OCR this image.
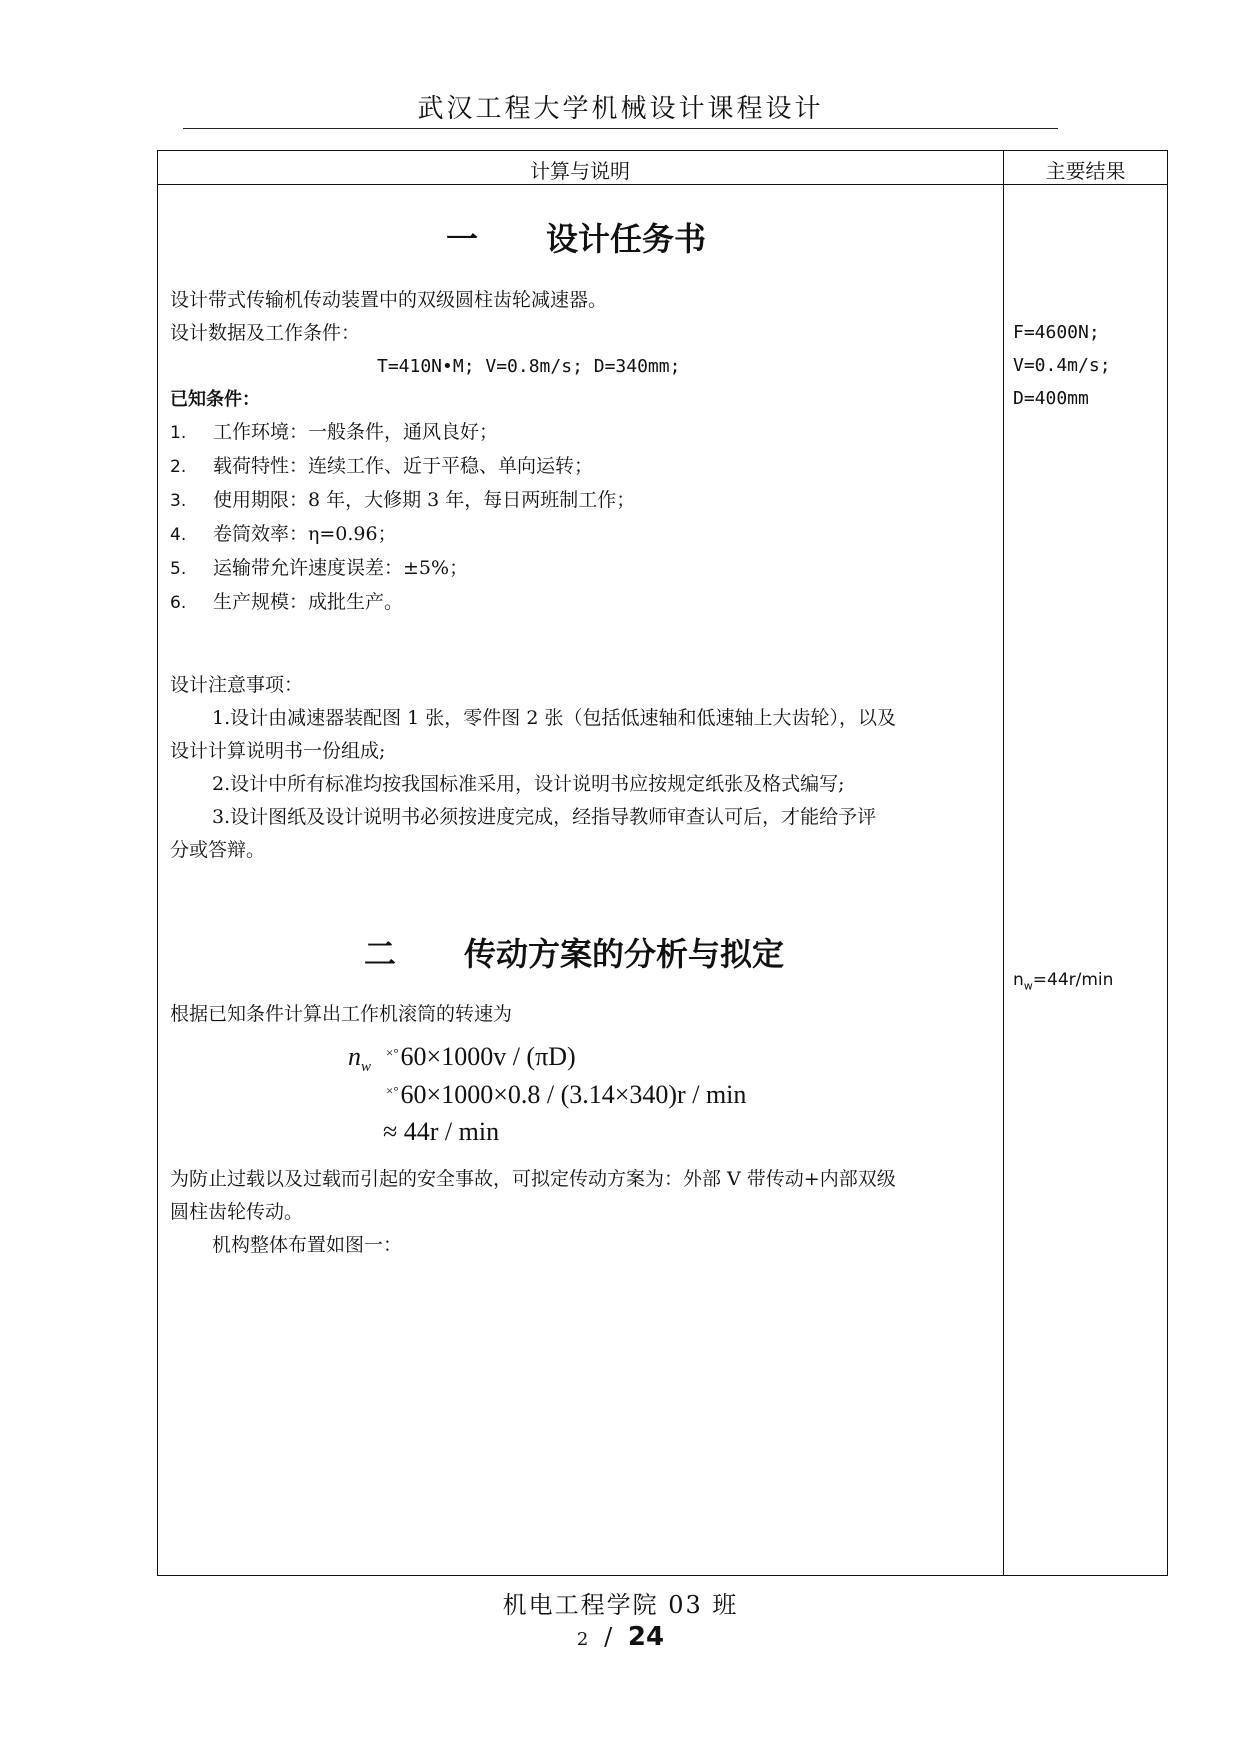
武汉工程大学机械设计课程设计
计算与说明	主要结果
一 设计任务书
设计带式传输机传动装置中的双级圆柱齿轮减速器。
设计数据及工作条件：
T=410N•M; V=0.8m/s; D=340mm;
已知条件：
1. 工作环境：一般条件，通风良好；
2. 载荷特性：连续工作、近于平稳、单向运转；
3. 使用期限：8 年，大修期 3 年，每日两班制工作；
4. 卷筒效率：η=0.96；
5. 运输带允许速度误差：±5%；
6. 生产规模：成批生产。
设计注意事项：
1.设计由减速器装配图 1 张，零件图 2 张（包括低速轴和低速轴上大齿轮），以及
设计计算说明书一份组成;
2.设计中所有标准均按我国标准采用，设计说明书应按规定纸张及格式编写;
3.设计图纸及设计说明书必须按进度完成，经指导教师审查认可后，才能给予评
分或答辩。
二 传动方案的分析与拟定
根据已知条件计算出工作机滚筒的转速为
$n_w$
×°60×1000v / (πD)
×°60×1000×0.8 / (3.14×340)r / min
≈ 44r / min
为防止过载以及过载而引起的安全事故，可拟定传动方案为：外部 V 带传动+内部双级
圆柱齿轮传动。
机构整体布置如图一：
F=4600N;
V=0.4m/s;
D=400mm
$n_w=44r/\min$
机电工程学院 03 班
2 / 24
